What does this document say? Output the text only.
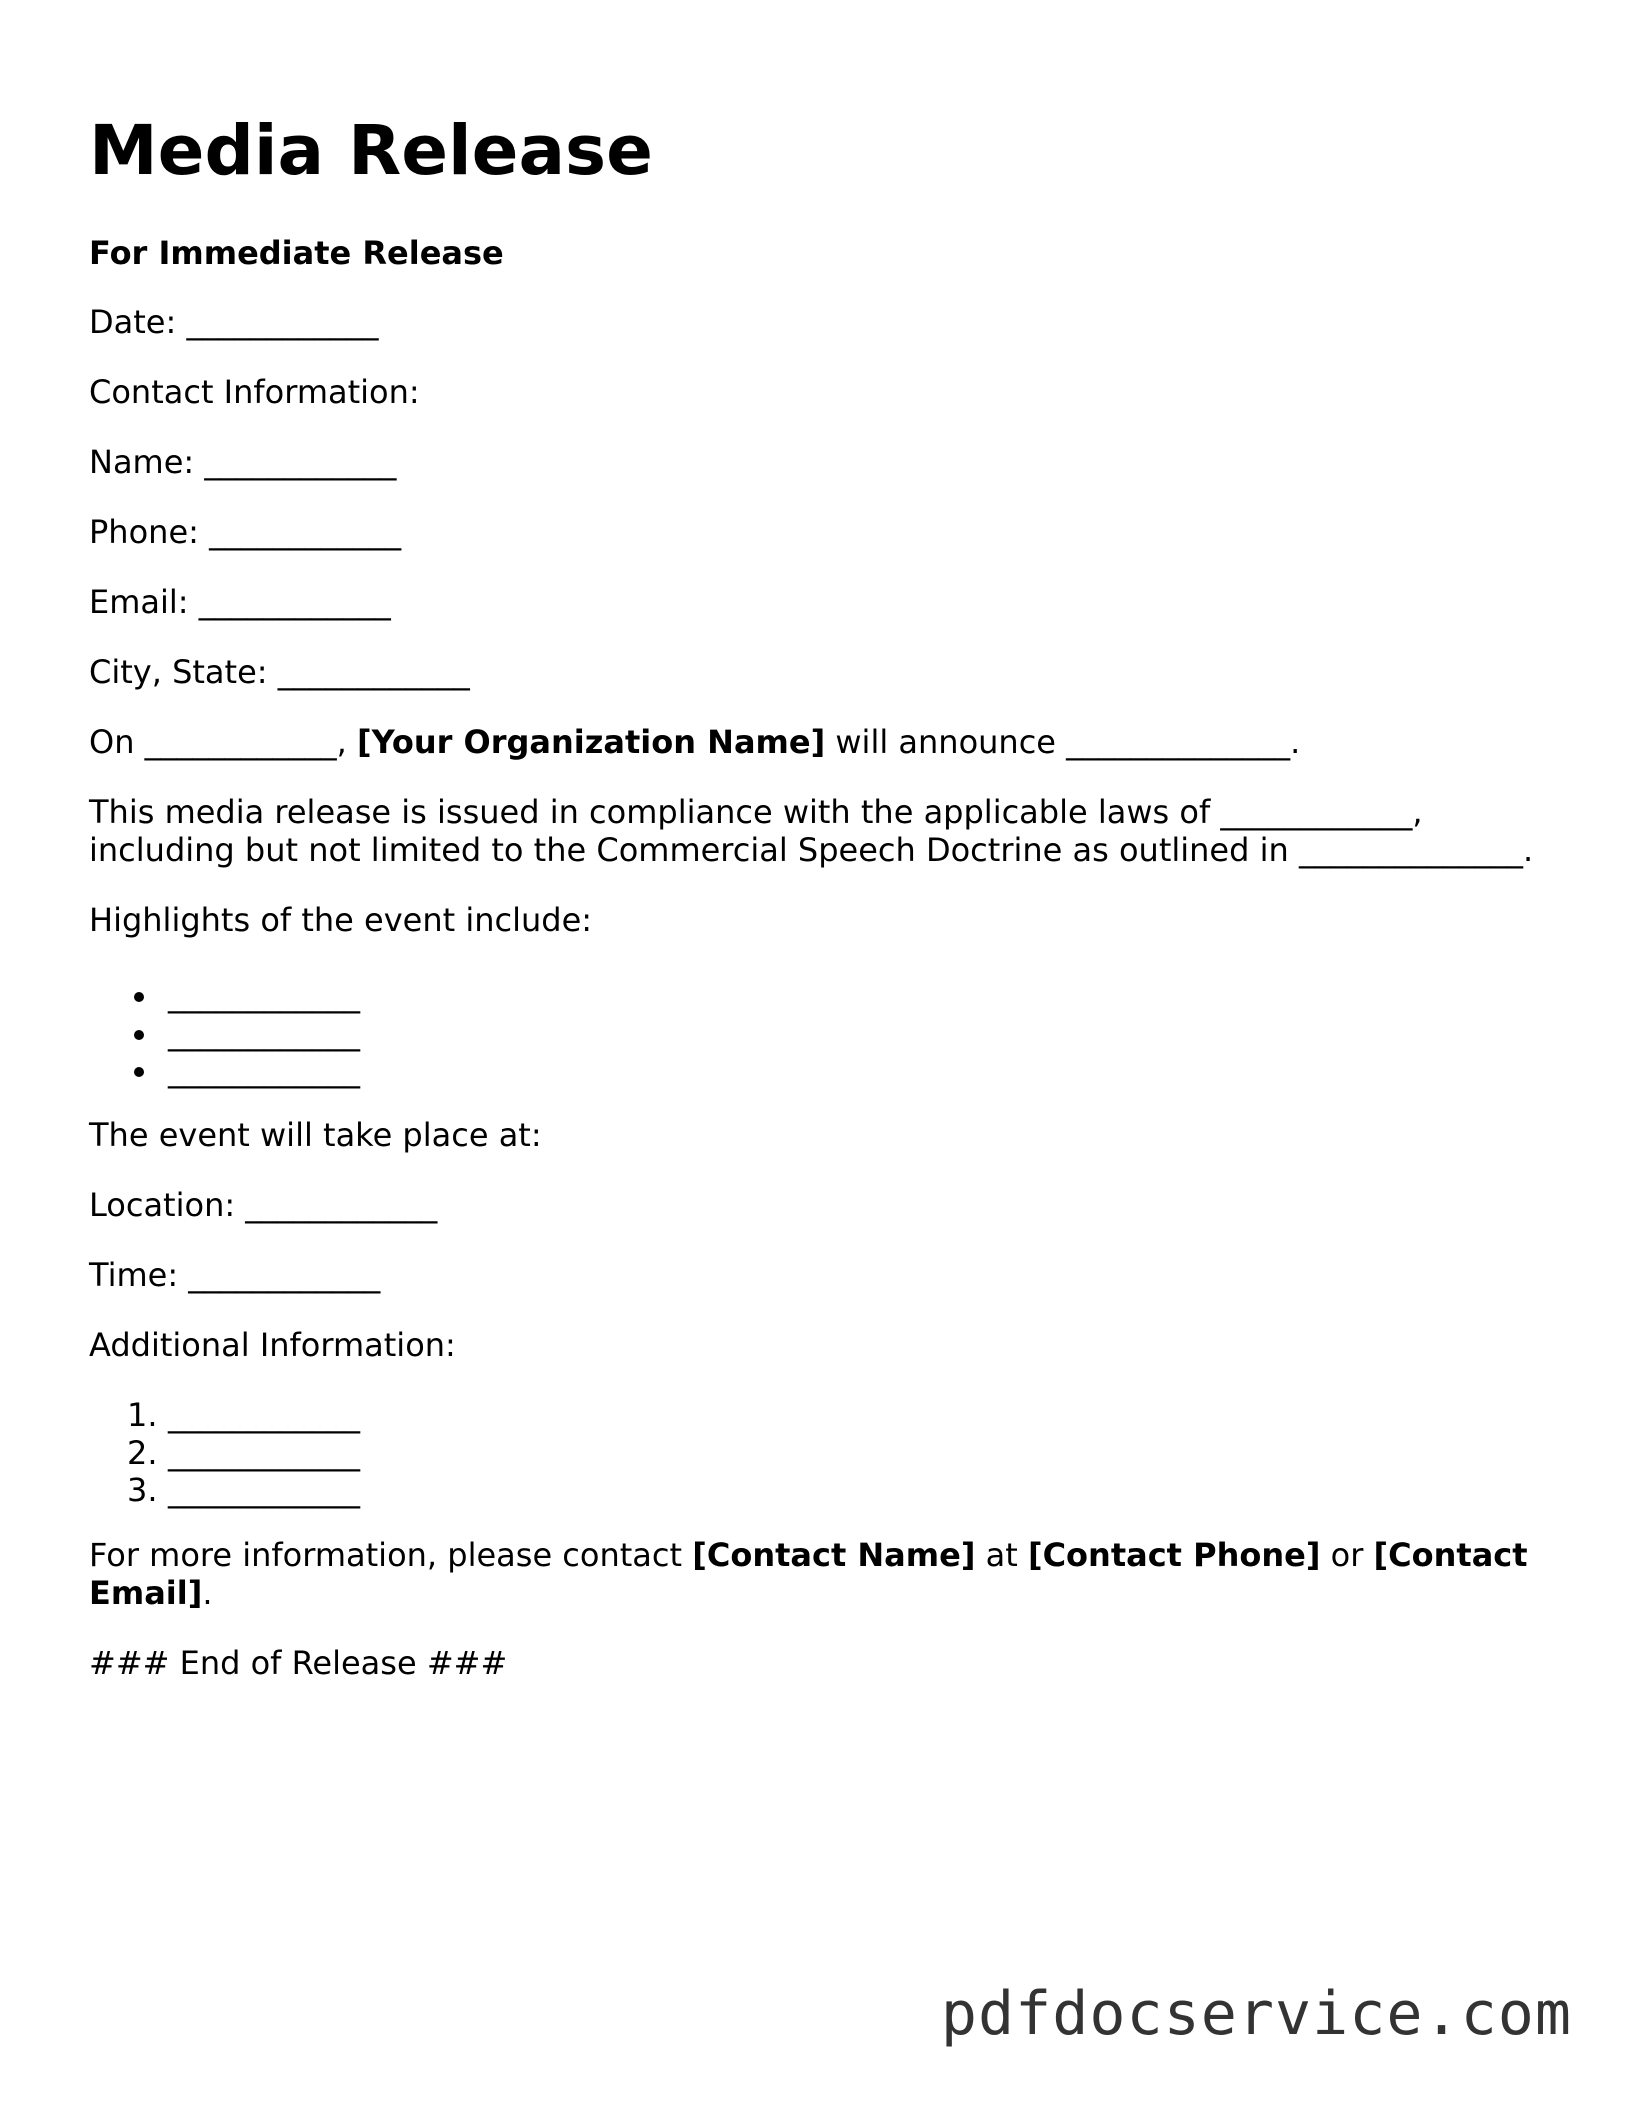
Media Release

For Immediate Release

Date: ____________

Contact Information:

Name: ____________

Phone: ____________

Email: ____________

City, State: ____________

On ____________, [Your Organization Name] will announce ______________.

This media release is issued in compliance with the applicable laws of ____________,

including but not limited to the Commercial Speech Doctrine as outlined in ______________.

Highlights of the event include:

____________
____________
____________

The event will take place at:

Location: ____________

Time: ____________

Additional Information:

1. ____________
2. ____________
3. ____________

For more information, please contact [Contact Name] at [Contact Phone] or [Contact

Email].

### End of Release ###

pdfdocservice.com
